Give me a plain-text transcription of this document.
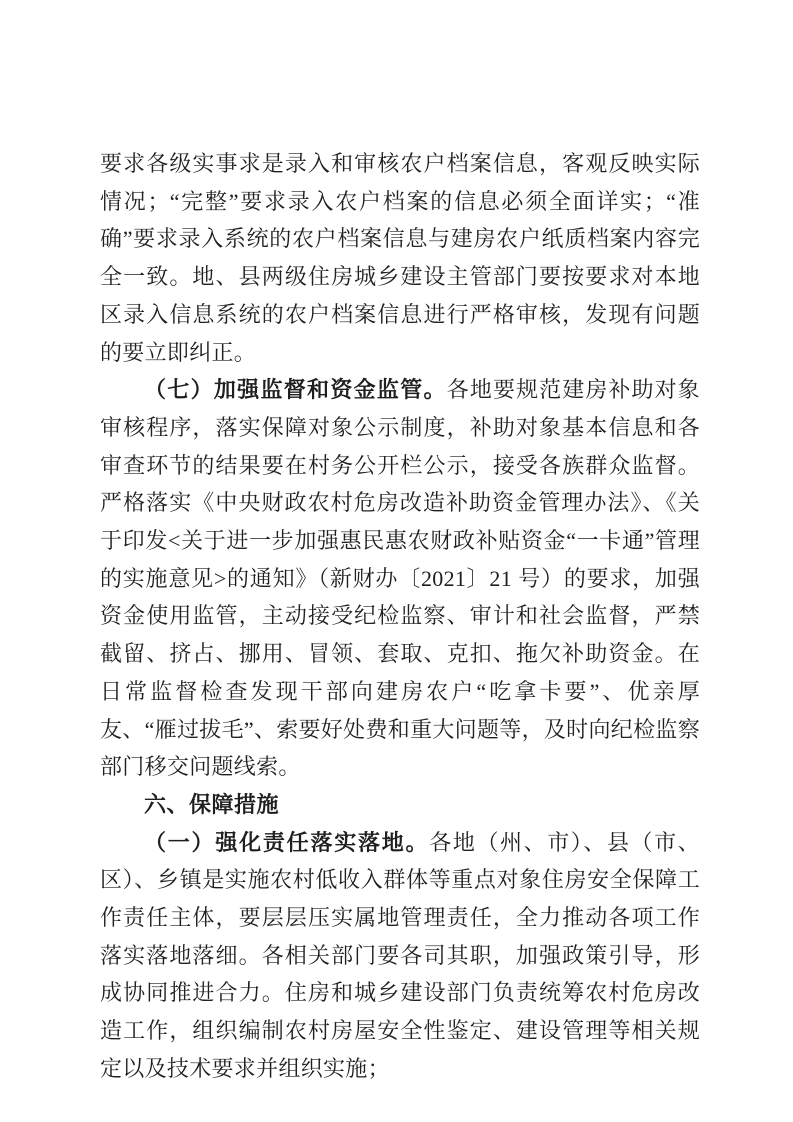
要求各级实事求是录入和审核农户档案信息，客观反映实际情况；“完整”要求录入农户档案的信息必须全面详实；“准确”要求录入系统的农户档案信息与建房农户纸质档案内容完全一致。地、县两级住房城乡建设主管部门要按要求对本地区录入信息系统的农户档案信息进行严格审核，发现有问题的要立即纠正。

（七）加强监督和资金监管。各地要规范建房补助对象审核程序，落实保障对象公示制度，补助对象基本信息和各审查环节的结果要在村务公开栏公示，接受各族群众监督。严格落实《中央财政农村危房改造补助资金管理办法》、《关于印发<关于进一步加强惠民惠农财政补贴资金“一卡通”管理的实施意见>的通知》（新财办〔2021〕21 号）的要求，加强资金使用监管，主动接受纪检监察、审计和社会监督，严禁截留、挤占、挪用、冒领、套取、克扣、拖欠补助资金。在日常监督检查发现干部向建房农户“吃拿卡要”、优亲厚友、“雁过拔毛”、索要好处费和重大问题等，及时向纪检监察部门移交问题线索。

六、保障措施

（一）强化责任落实落地。各地（州、市）、县（市、区）、乡镇是实施农村低收入群体等重点对象住房安全保障工作责任主体，要层层压实属地管理责任，全力推动各项工作落实落地落细。各相关部门要各司其职，加强政策引导，形成协同推进合力。住房和城乡建设部门负责统筹农村危房改造工作，组织编制农村房屋安全性鉴定、建设管理等相关规定以及技术要求并组织实施；
